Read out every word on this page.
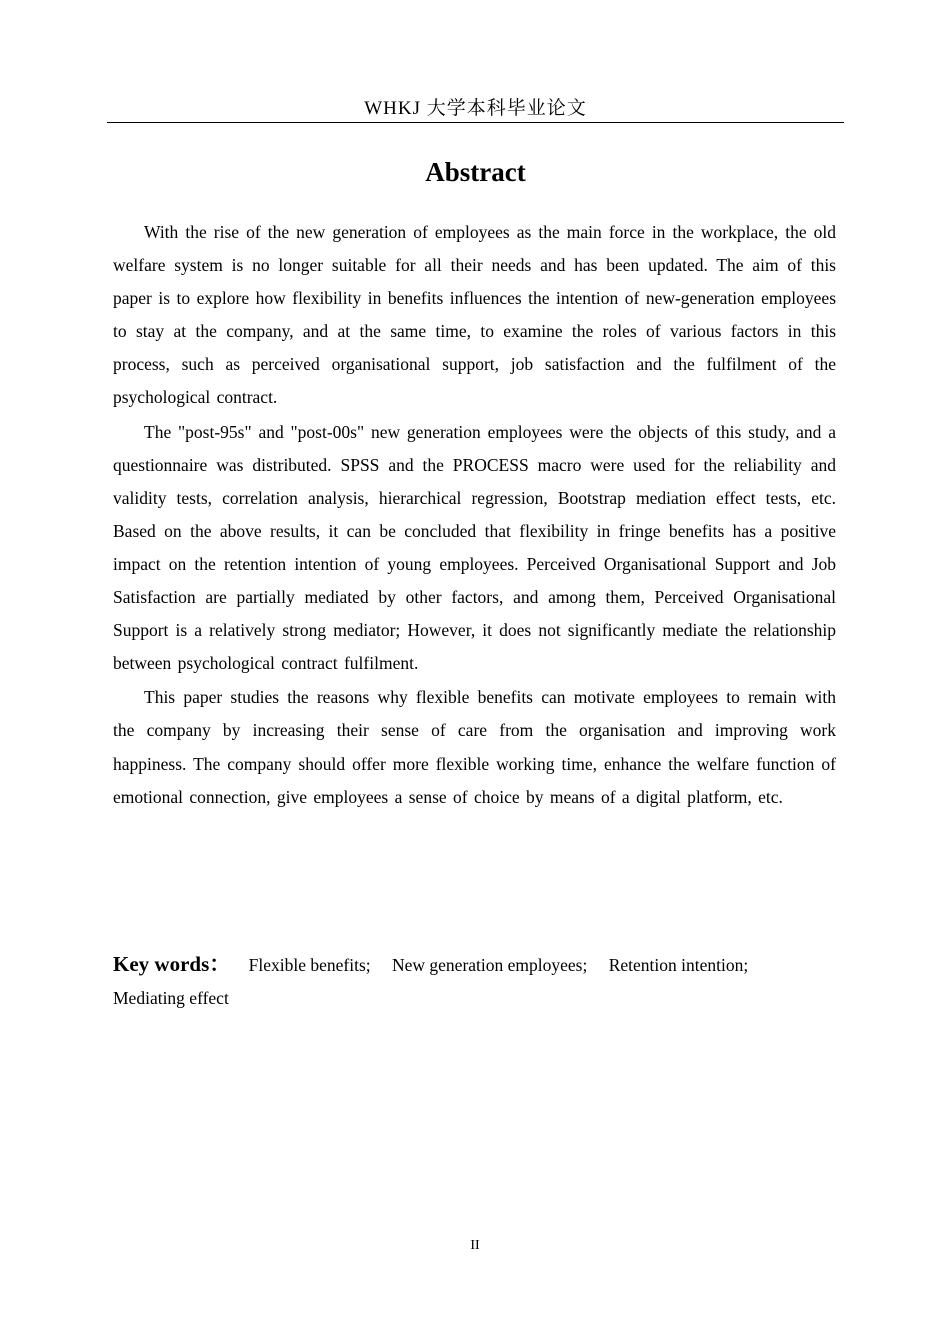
WHKJ 大学本科毕业论文
Abstract

With the rise of the new generation of employees as the main force in the workplace, the old welfare system is no longer suitable for all their needs and has been updated. The aim of this paper is to explore how flexibility in benefits influences the intention of new-generation employees to stay at the company, and at the same time, to examine the roles of various factors in this process, such as perceived organisational support, job satisfaction and the fulfilment of the psychological contract.

The "post-95s" and "post-00s" new generation employees were the objects of this study, and a questionnaire was distributed. SPSS and the PROCESS macro were used for the reliability and validity tests, correlation analysis, hierarchical regression, Bootstrap mediation effect tests, etc. Based on the above results, it can be concluded that flexibility in fringe benefits has a positive impact on the retention intention of young employees. Perceived Organisational Support and Job Satisfaction are partially mediated by other factors, and among them, Perceived Organisational Support is a relatively strong mediator; However, it does not significantly mediate the relationship between psychological contract fulfilment.

This paper studies the reasons why flexible benefits can motivate employees to remain with the company by increasing their sense of care from the organisation and improving work happiness. The company should offer more flexible working time, enhance the welfare function of emotional connection, give employees a sense of choice by means of a digital platform, etc.

Key words： Flexible benefits; New generation employees; Retention intention; Mediating effect
II
